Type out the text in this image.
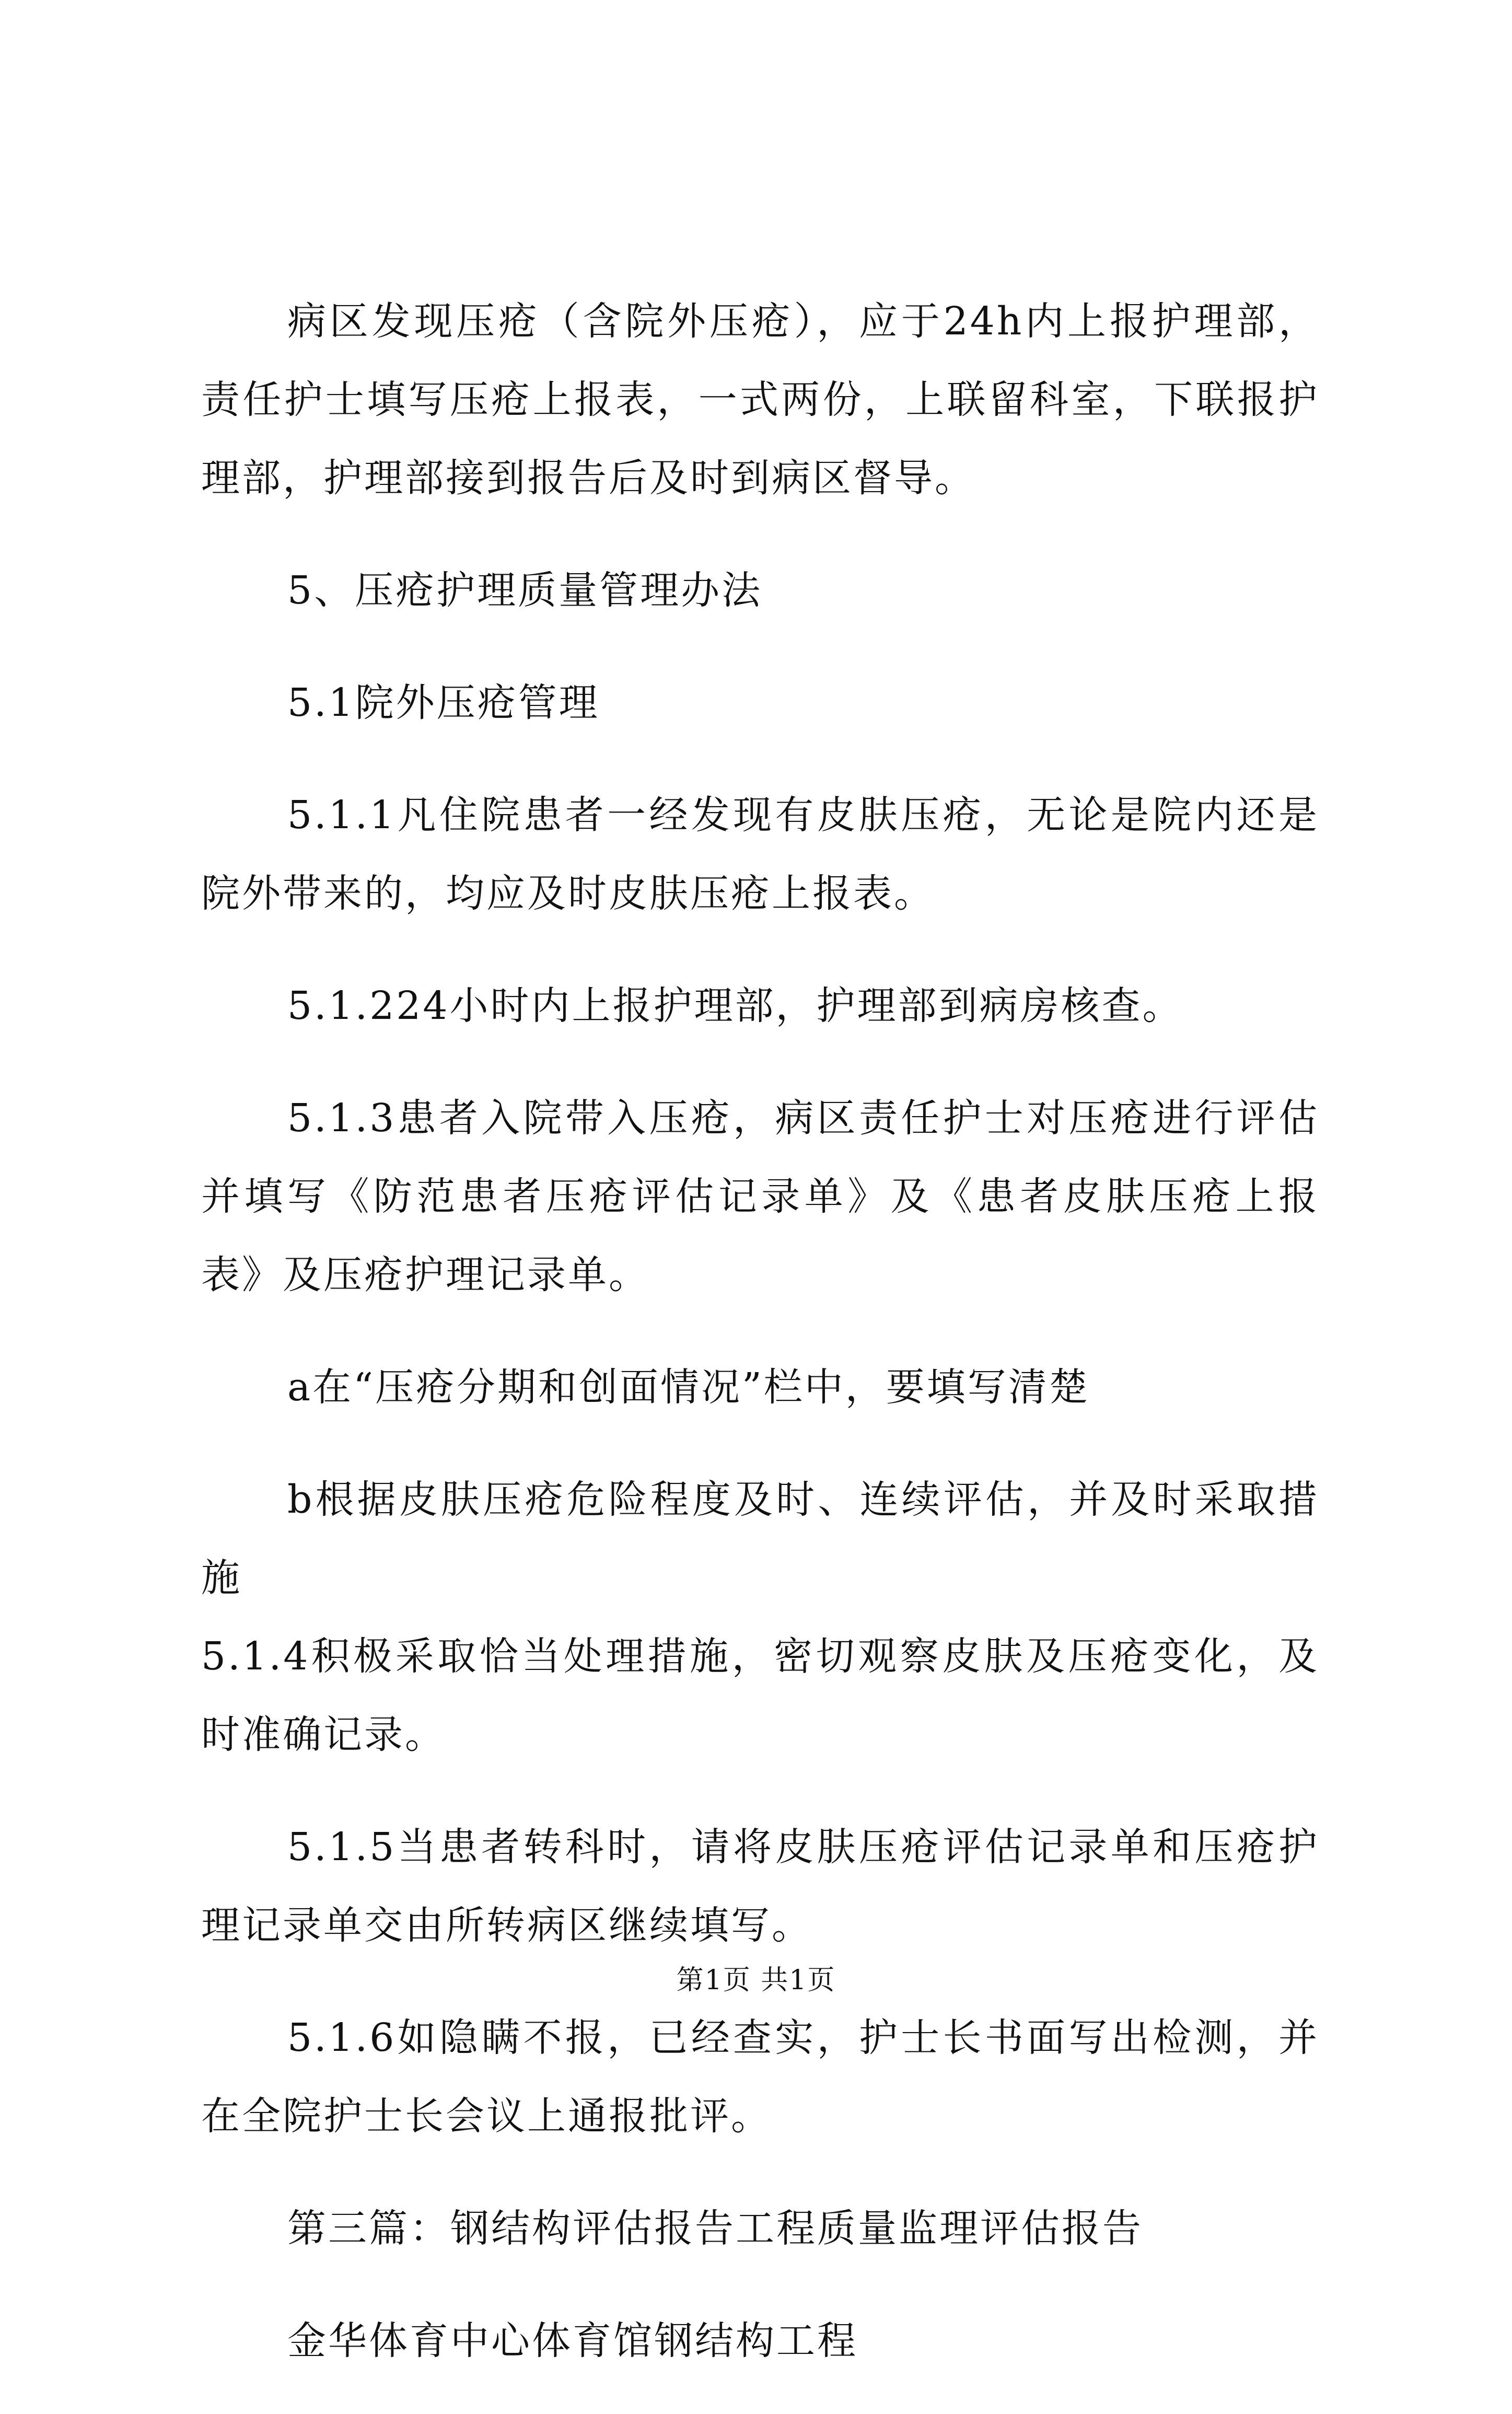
病区发现压疮（含院外压疮），应于24h内上报护理部，责任护士填写压疮上报表，一式两份，上联留科室，下联报护理部，护理部接到报告后及时到病区督导。

5、压疮护理质量管理办法

5.1院外压疮管理

5.1.1凡住院患者一经发现有皮肤压疮，无论是院内还是院外带来的，均应及时皮肤压疮上报表。

5.1.224小时内上报护理部，护理部到病房核查。

5.1.3患者入院带入压疮，病区责任护士对压疮进行评估并填写《防范患者压疮评估记录单》及《患者皮肤压疮上报表》及压疮护理记录单。

a在“压疮分期和创面情况”栏中，要填写清楚

b根据皮肤压疮危险程度及时、连续评估，并及时采取措施

5.1.4积极采取恰当处理措施，密切观察皮肤及压疮变化，及时准确记录。

5.1.5当患者转科时，请将皮肤压疮评估记录单和压疮护理记录单交由所转病区继续填写。

5.1.6如隐瞒不报，已经查实，护士长书面写出检测，并在全院护士长会议上通报批评。

第三篇：钢结构评估报告工程质量监理评估报告

金华体育中心体育馆钢结构工程

第1页 共1页
